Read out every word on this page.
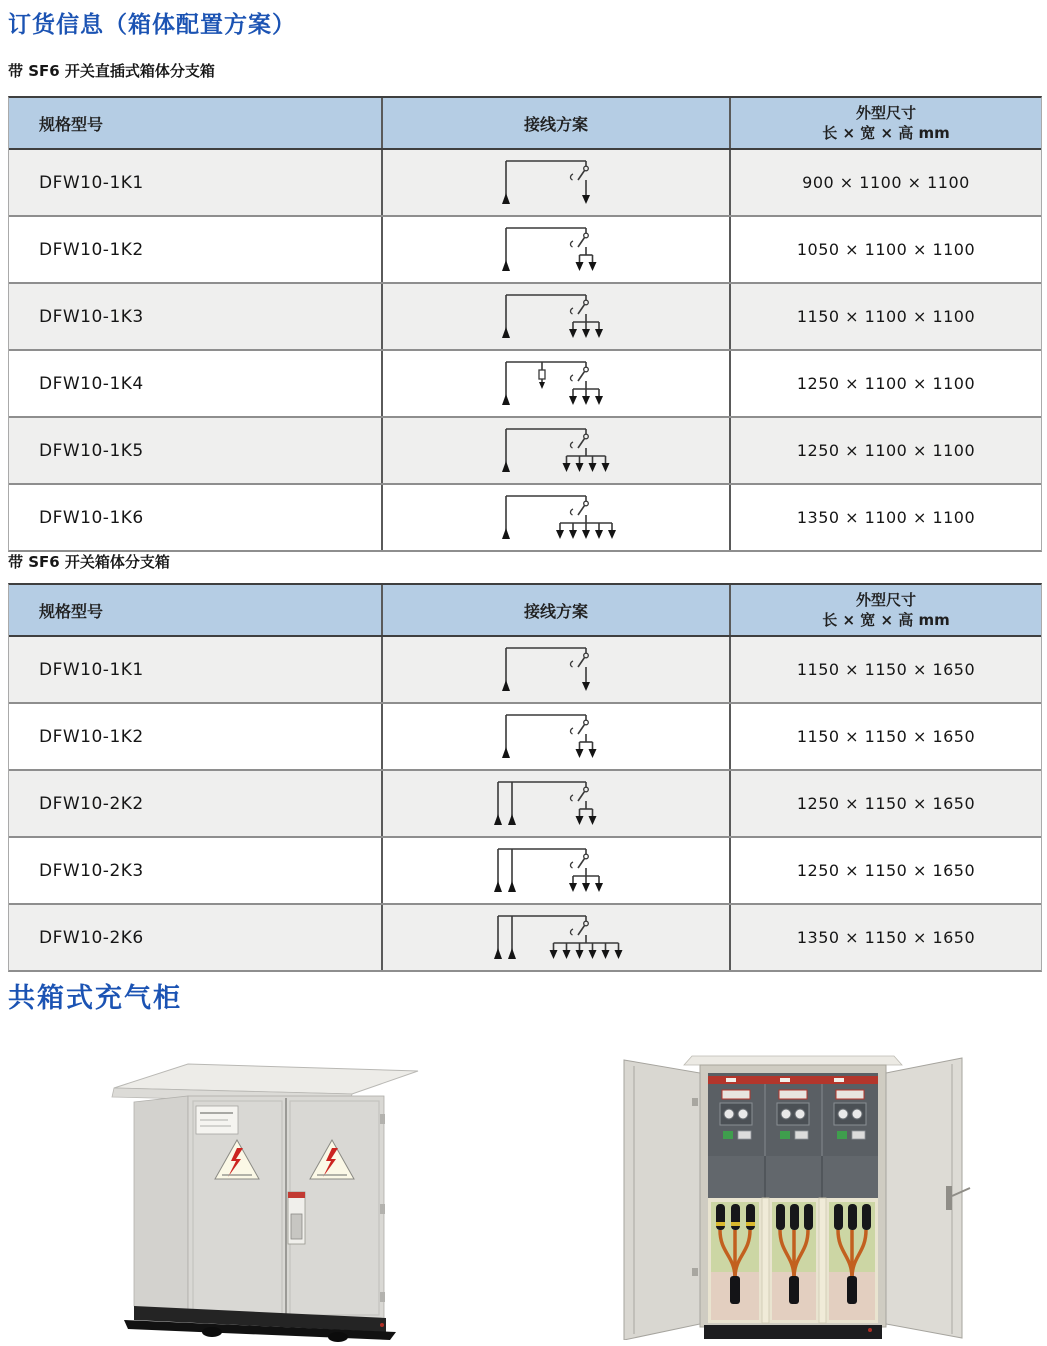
订货信息（箱体配置方案）
带 SF6 开关直插式箱体分支箱
规格型号	接线方案
外型尺寸
长 × 宽 × 高 mm
DFW10-1K1	900 × 1100 × 1100
DFW10-1K2	1050 × 1100 × 1100
DFW10-1K3	1150 × 1100 × 1100
DFW10-1K4	1250 × 1100 × 1100
DFW10-1K5	1250 × 1100 × 1100
DFW10-1K6	1350 × 1100 × 1100
带 SF6 开关箱体分支箱
规格型号	接线方案
外型尺寸
长 × 宽 × 高 mm
DFW10-1K1	1150 × 1150 × 1650
DFW10-1K2	1150 × 1150 × 1650
DFW10-2K2	1250 × 1150 × 1650
DFW10-2K3	1250 × 1150 × 1650
DFW10-2K6	1350 × 1150 × 1650
共箱式充气柜
